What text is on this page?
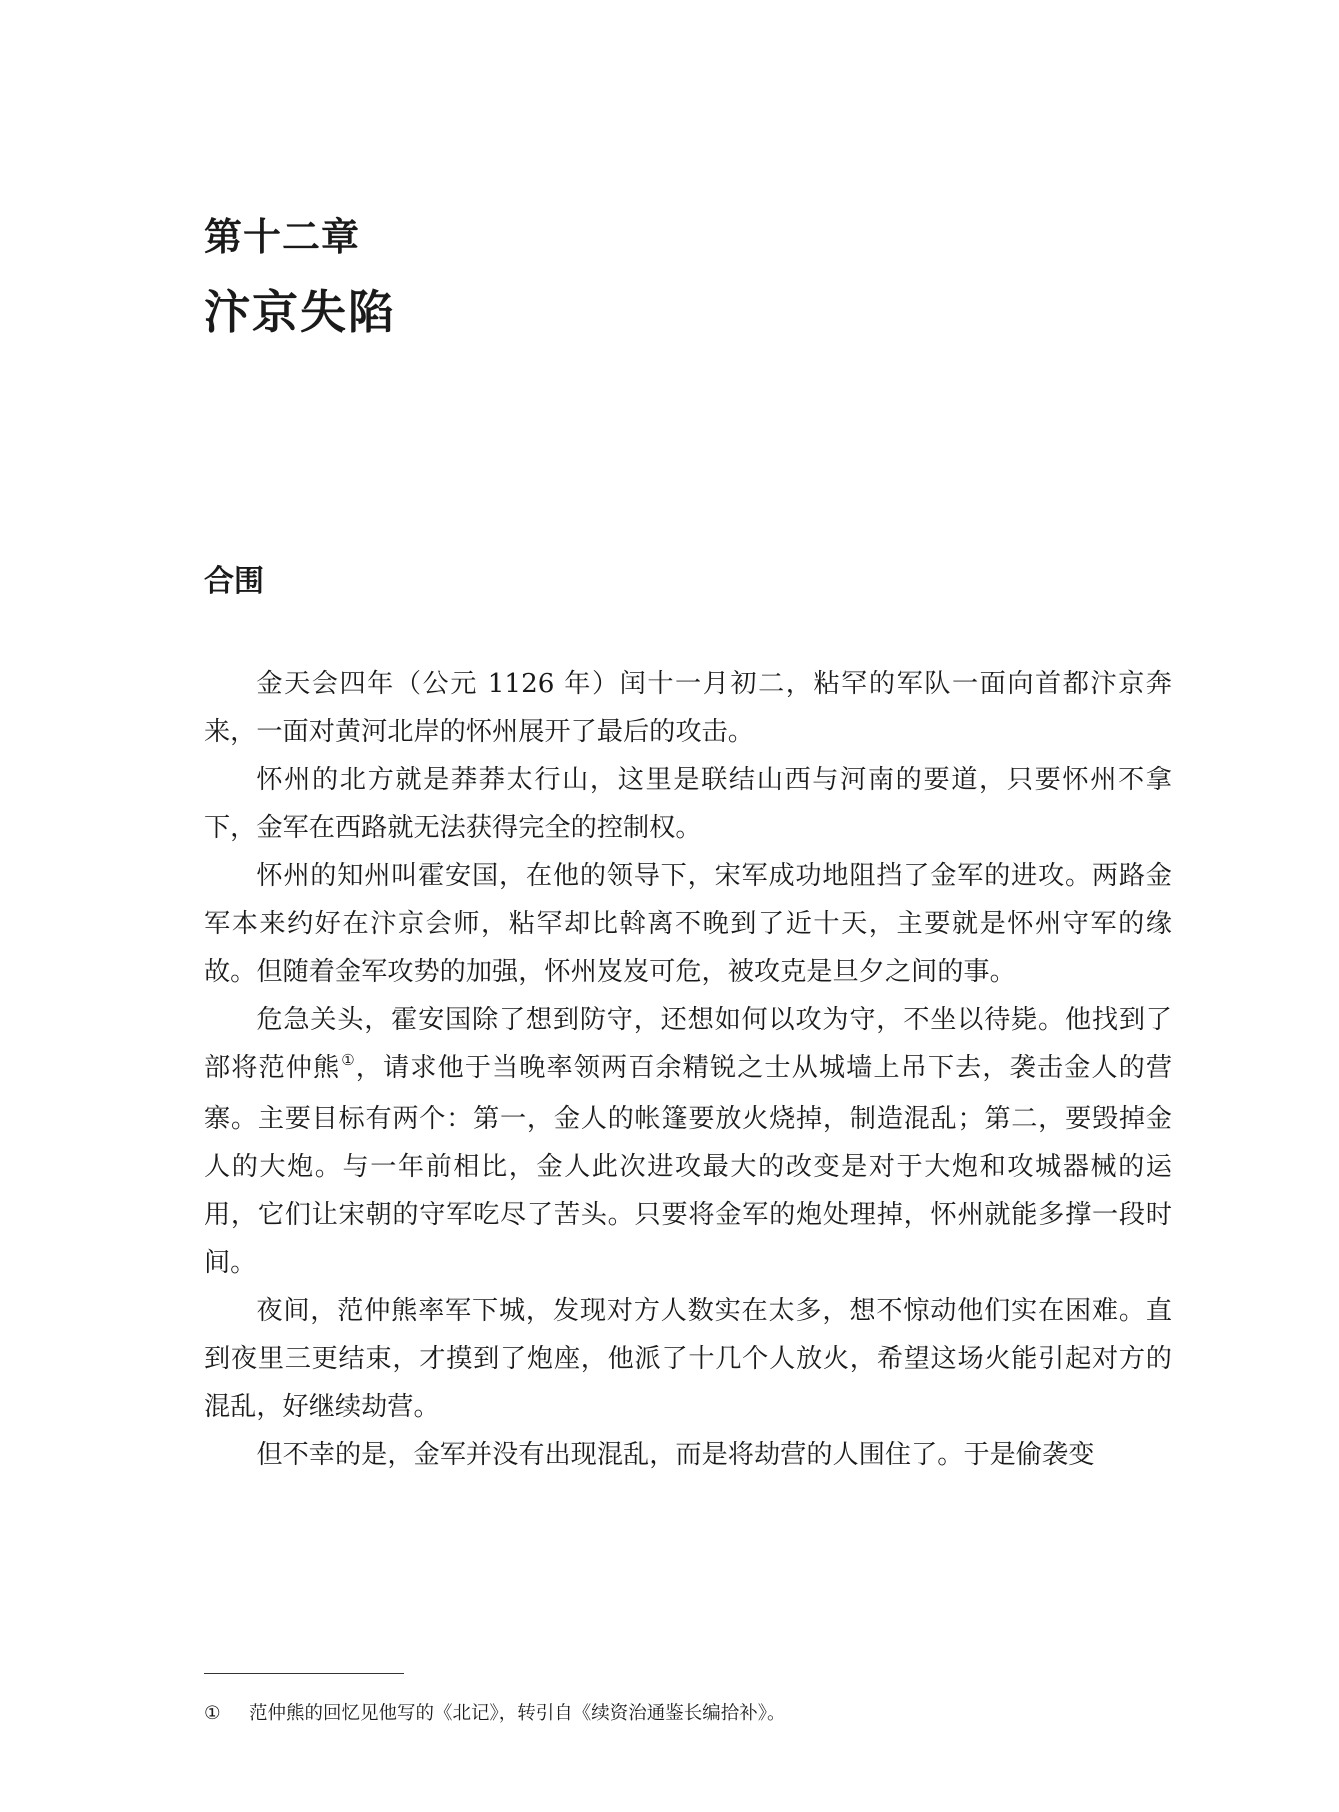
第十二章
汴京失陷
合围

金天会四年（公元 1126 年）闰十一月初二，粘罕的军队一面向首都汴京奔来，一面对黄河北岸的怀州展开了最后的攻击。

怀州的北方就是莽莽太行山，这里是联结山西与河南的要道，只要怀州不拿下，金军在西路就无法获得完全的控制权。

怀州的知州叫霍安国，在他的领导下，宋军成功地阻挡了金军的进攻。两路金军本来约好在汴京会师，粘罕却比斡离不晚到了近十天，主要就是怀州守军的缘故。但随着金军攻势的加强，怀州岌岌可危，被攻克是旦夕之间的事。

危急关头，霍安国除了想到防守，还想如何以攻为守，不坐以待毙。他找到了部将范仲熊①，请求他于当晚率领两百余精锐之士从城墙上吊下去，袭击金人的营寨。主要目标有两个：第一，金人的帐篷要放火烧掉，制造混乱；第二，要毁掉金人的大炮。与一年前相比，金人此次进攻最大的改变是对于大炮和攻城器械的运用，它们让宋朝的守军吃尽了苦头。只要将金军的炮处理掉，怀州就能多撑一段时间。

夜间，范仲熊率军下城，发现对方人数实在太多，想不惊动他们实在困难。直到夜里三更结束，才摸到了炮座，他派了十几个人放火，希望这场火能引起对方的混乱，好继续劫营。

但不幸的是，金军并没有出现混乱，而是将劫营的人围住了。于是偷袭变

① 范仲熊的回忆见他写的《北记》，转引自《续资治通鉴长编拾补》。
